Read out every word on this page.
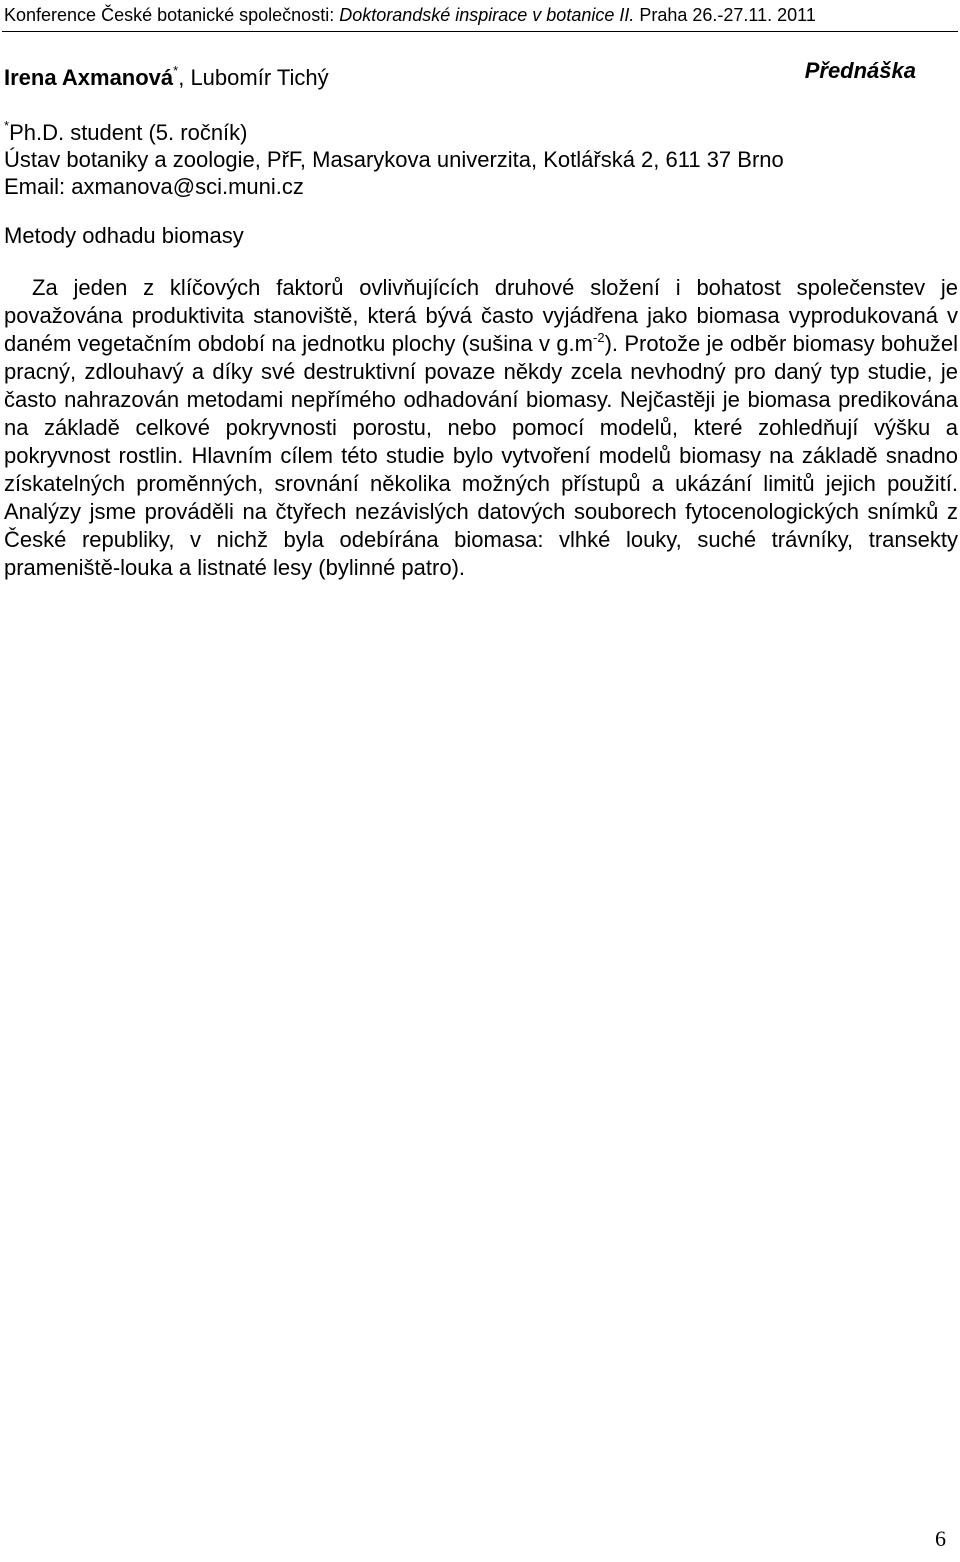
Konference České botanické společnosti: Doktorandské inspirace v botanice II. Praha 26.-27.11. 2011
Irena Axmanová*, Lubomír Tichý	Přednáška
*Ph.D. student (5. ročník)
Ústav botaniky a zoologie, PřF, Masarykova univerzita, Kotlářská 2, 611 37 Brno
Email: axmanova@sci.muni.cz
Metody odhadu biomasy

Za jeden z klíčových faktorů ovlivňujících druhové složení i bohatost společenstev je považována produktivita stanoviště, která bývá často vyjádřena jako biomasa vyprodukovaná v daném vegetačním období na jednotku plochy (sušina v $g.m^{-2}$). Protože je odběr biomasy bohužel pracný, zdlouhavý a díky své destruktivní povaze někdy zcela nevhodný pro daný typ studie, je často nahrazován metodami nepřímého odhadování biomasy. Nejčastěji je biomasa predikována na základě celkové pokryvnosti porostu, nebo pomocí modelů, které zohledňují výšku a pokryvnost rostlin. Hlavním cílem této studie bylo vytvoření modelů biomasy na základě snadno získatelných proměnných, srovnání několika možných přístupů a ukázání limitů jejich použití. Analýzy jsme prováděli na čtyřech nezávislých datových souborech fytocenologických snímků z České republiky, v nichž byla odebírána biomasa: vlhké louky, suché trávníky, transekty prameniště-louka a listnaté lesy (bylinné patro).

6
